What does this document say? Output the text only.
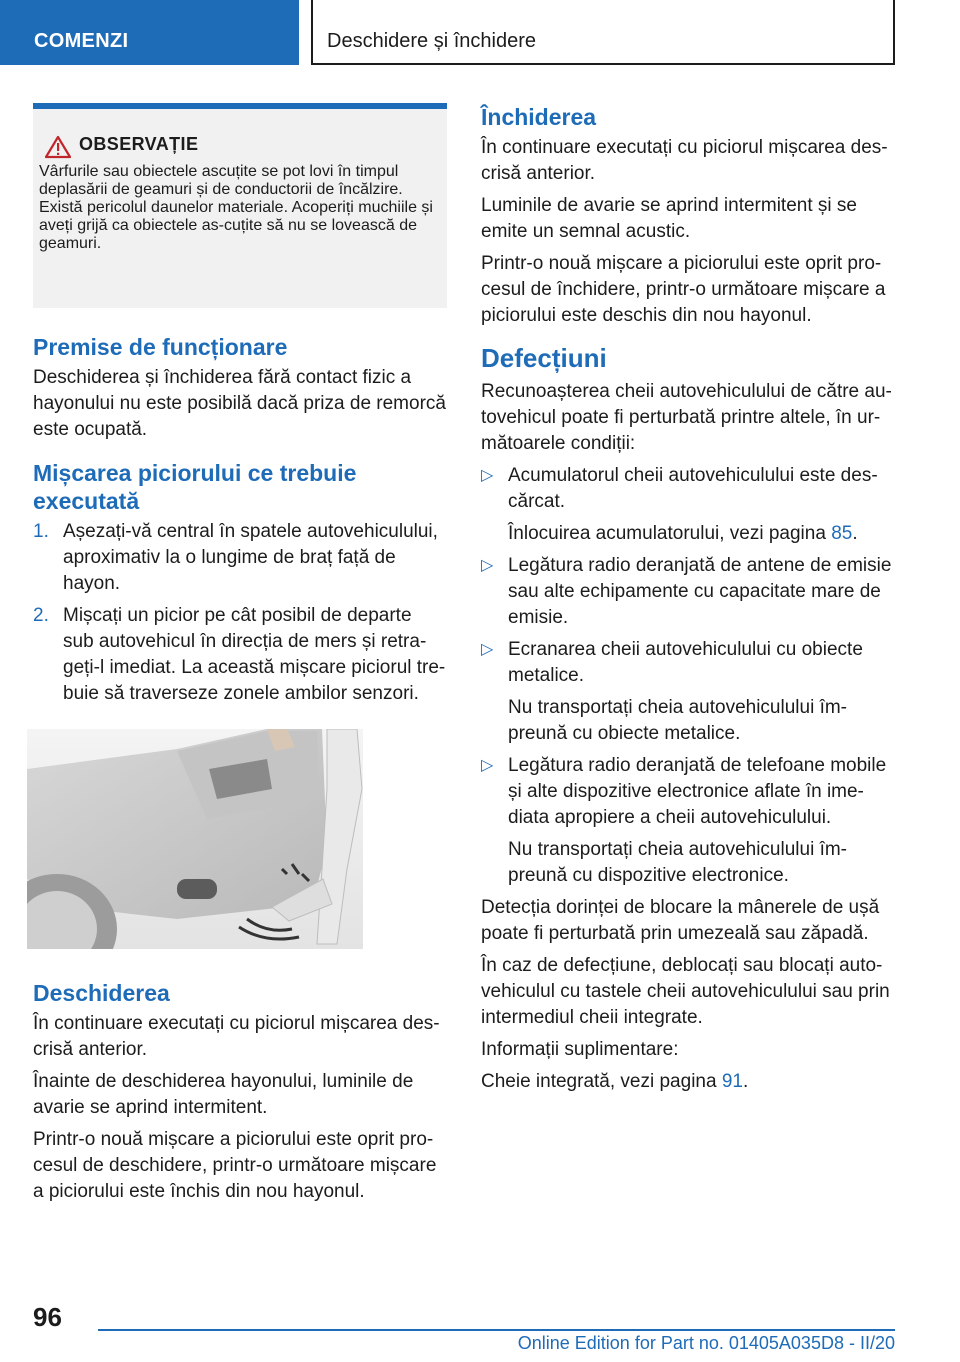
COMENZI	Deschidere și închidere
OBSERVAȚIE

Vârfurile sau obiectele ascuțite se pot lovi în timpul deplasării de geamuri și de conductorii de încălzire. Există pericolul daunelor materiale. Acoperiți muchiile și aveți grijă ca obiectele as-cuțite să nu se lovească de geamuri.

Premise de funcționare

Deschiderea și închiderea fără contact fizic a hayonului nu este posibilă dacă priza de remorcă este ocupată.

Mișcarea piciorului ce trebuie executată
1. Așezați-vă central în spatele autovehiculului, aproximativ la o lungime de braț față de hayon.
2. Mișcați un picior pe cât posibil de departe sub autovehicul în direcția de mers și retra-geți-l imediat. La această mișcare piciorul tre-buie să traverseze zonele ambilor senzori.
Deschiderea

În continuare executați cu piciorul mișcarea des-crisă anterior.

Înainte de deschiderea hayonului, luminile de avarie se aprind intermitent.

Printr-o nouă mișcare a piciorului este oprit pro-cesul de deschidere, printr-o următoare mișcare a piciorului este închis din nou hayonul.

Închiderea

În continuare executați cu piciorul mișcarea des-crisă anterior.

Luminile de avarie se aprind intermitent și se emite un semnal acustic.

Printr-o nouă mișcare a piciorului este oprit pro-cesul de închidere, printr-o următoare mișcare a piciorului este deschis din nou hayonul.

Defecțiuni

Recunoașterea cheii autovehiculului de către au-tovehicul poate fi perturbată printre altele, în ur-mătoarele condiții:

▷ Acumulatorul cheii autovehiculului este des-cărcat.
Înlocuirea acumulatorului, vezi pagina 85.
▷ Legătura radio deranjată de antene de emisie sau alte echipamente cu capacitate mare de emisie.
▷ Ecranarea cheii autovehiculului cu obiecte metalice.
Nu transportați cheia autovehiculului îm-preună cu obiecte metalice.
▷ Legătura radio deranjată de telefoane mobile și alte dispozitive electronice aflate în ime-diata apropiere a cheii autovehiculului.
Nu transportați cheia autovehiculului îm-preună cu dispozitive electronice.

Detecția dorinței de blocare la mânerele de ușă poate fi perturbată prin umezeală sau zăpadă.

În caz de defecțiune, deblocați sau blocați auto-vehiculul cu tastele cheii autovehiculului sau prin intermediul cheii integrate.

Informații suplimentare:

Cheie integrată, vezi pagina 91.

96
Online Edition for Part no. 01405A035D8 - II/20
